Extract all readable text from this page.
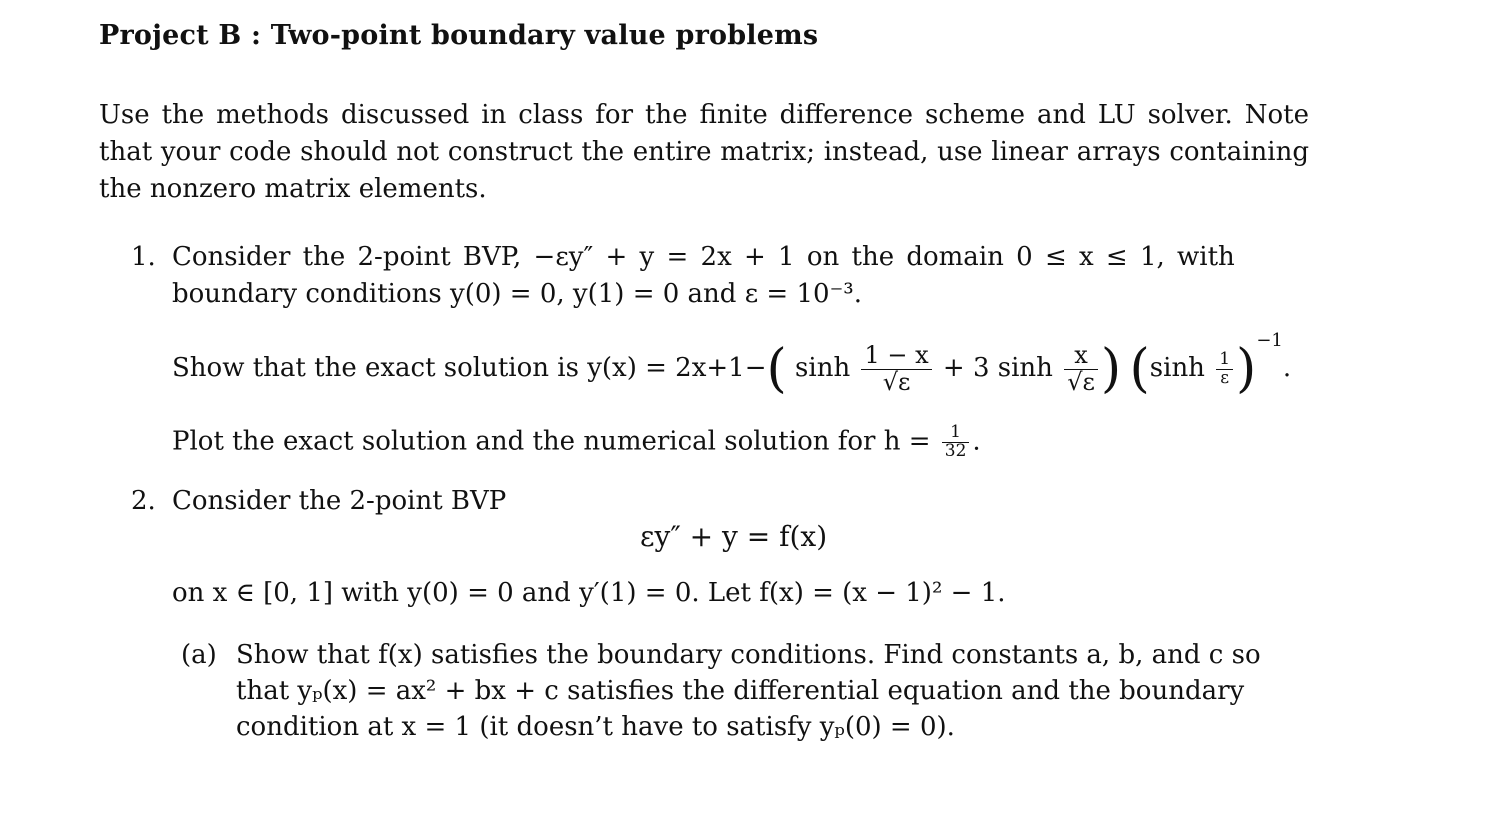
Project B : Two-point boundary value problems

Use the methods discussed in class for the finite difference scheme and LU solver. Note that your code should not construct the entire matrix; instead, use linear arrays containing the nonzero matrix elements.

1. Consider the 2-point BVP, −εy″ + y = 2x + 1 on the domain 0 ≤ x ≤ 1, with
boundary conditions y(0) = 0, y(1) = 0 and ε = 10⁻³.
Show that the exact solution is y(x) = 2x+1−( $\sinh \frac{1 - x}{√\varepsilon} + 3$ $\sinh \frac{x}{√\varepsilon}$ ) $(\sinh \frac{1}{\varepsilon} )^{-1}$.
Plot the exact solution and the numerical solution for $h = \frac{1}{32}$ .
2. Consider the 2-point BVP
εy″ + y = f(x)
on x ∈ [0, 1] with y(0) = 0 and y′(1) = 0. Let f(x) = (x − 1)² − 1.
(a) Show that f(x) satisfies the boundary conditions. Find constants a, b, and c so
that yₚ(x) = ax² + bx + c satisfies the differential equation and the boundary
condition at x = 1 (it doesn’t have to satisfy yₚ(0) = 0).
